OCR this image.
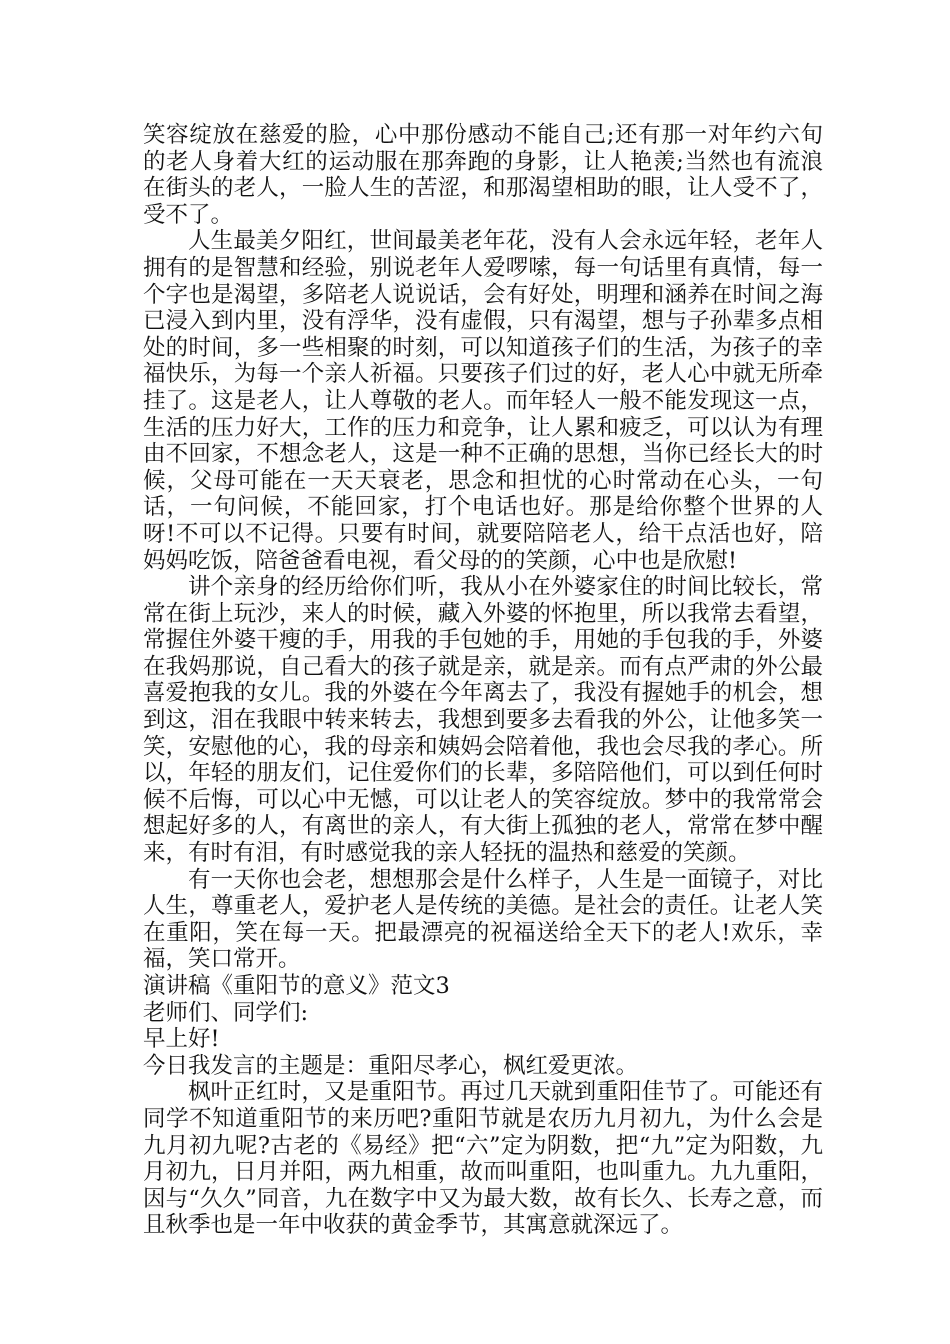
笑容绽放在慈爱的脸，心中那份感动不能自己;还有那一对年约六旬的老人身着大红的运动服在那奔跑的身影，让人艳羡;当然也有流浪在街头的老人，一脸人生的苦涩，和那渴望相助的眼，让人受不了，受不了。

人生最美夕阳红，世间最美老年花，没有人会永远年轻，老年人拥有的是智慧和经验，别说老年人爱啰嗦，每一句话里有真情，每一个字也是渴望，多陪老人说说话，会有好处，明理和涵养在时间之海已浸入到内里，没有浮华，没有虚假，只有渴望，想与子孙辈多点相处的时间，多一些相聚的时刻，可以知道孩子们的生活，为孩子的幸福快乐，为每一个亲人祈福。只要孩子们过的好，老人心中就无所牵挂了。这是老人，让人尊敬的老人。而年轻人一般不能发现这一点，生活的压力好大，工作的压力和竞争，让人累和疲乏，可以认为有理由不回家，不想念老人，这是一种不正确的思想，当你已经长大的时候，父母可能在一天天衰老，思念和担忧的心时常动在心头，一句话，一句问候，不能回家，打个电话也好。那是给你整个世界的人呀!不可以不记得。只要有时间，就要陪陪老人，给干点活也好，陪妈妈吃饭，陪爸爸看电视，看父母的的笑颜，心中也是欣慰!

讲个亲身的经历给你们听，我从小在外婆家住的时间比较长，常常在街上玩沙，来人的时候，藏入外婆的怀抱里，所以我常去看望，常握住外婆干瘦的手，用我的手包她的手，用她的手包我的手，外婆在我妈那说，自己看大的孩子就是亲，就是亲。而有点严肃的外公最喜爱抱我的女儿。我的外婆在今年离去了，我没有握她手的机会，想到这，泪在我眼中转来转去，我想到要多去看我的外公，让他多笑一笑，安慰他的心，我的母亲和姨妈会陪着他，我也会尽我的孝心。所以，年轻的朋友们，记住爱你们的长辈，多陪陪他们，可以到任何时候不后悔，可以心中无憾，可以让老人的笑容绽放。梦中的我常常会想起好多的人，有离世的亲人，有大街上孤独的老人，常常在梦中醒来，有时有泪，有时感觉我的亲人轻抚的温热和慈爱的笑颜。

有一天你也会老，想想那会是什么样子，人生是一面镜子，对比人生，尊重老人，爱护老人是传统的美德。是社会的责任。让老人笑在重阳，笑在每一天。把最漂亮的祝福送给全天下的老人!欢乐，幸福，笑口常开。

演讲稿《重阳节的意义》范文3

老师们、同学们:

早上好!

今日我发言的主题是：重阳尽孝心，枫红爱更浓。

枫叶正红时，又是重阳节。再过几天就到重阳佳节了。可能还有同学不知道重阳节的来历吧?重阳节就是农历九月初九，为什么会是九月初九呢?古老的《易经》把“六”定为阴数，把“九”定为阳数，九月初九，日月并阳，两九相重，故而叫重阳，也叫重九。九九重阳，因与“久久”同音，九在数字中又为最大数，故有长久、长寿之意，而且秋季也是一年中收获的黄金季节，其寓意就深远了。
